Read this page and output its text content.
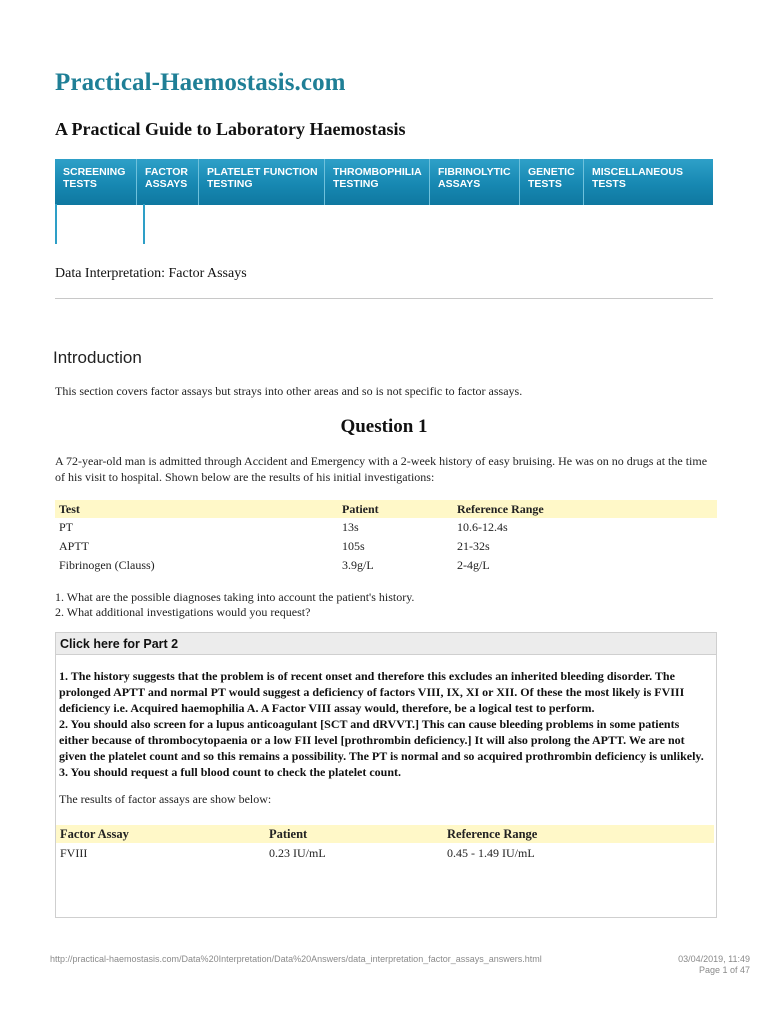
Practical-Haemostasis.com
A Practical Guide to Laboratory Haemostasis
SCREENING
TESTS
FACTOR
ASSAYS
PLATELET FUNCTION
TESTING
THROMBOPHILIA
TESTING
FIBRINOLYTIC
ASSAYS
GENETIC
TESTS
MISCELLANEOUS
TESTS
Data Interpretation: Factor Assays
Introduction
This section covers factor assays but strays into other areas and so is not specific to factor assays.
Question 1
A 72-year-old man is admitted through Accident and Emergency with a 2-week history of easy bruising. He was on no drugs at the time of his visit to hospital. Shown below are the results of his initial investigations:
Test	Patient	Reference Range
PT	13s	10.6-12.4s
APTT	105s	21-32s
Fibrinogen (Clauss)	3.9g/L	2-4g/L
1. What are the possible diagnoses taking into account the patient's history.
2. What additional investigations would you request?
Click here for Part 2

1. The history suggests that the problem is of recent onset and therefore this excludes an inherited bleeding disorder. The prolonged APTT and normal PT would suggest a deficiency of factors VIII, IX, XI or XII. Of these the most likely is FVIII deficiency i.e. Acquired haemophilia A. A Factor VIII assay would, therefore, be a logical test to perform.

2. You should also screen for a lupus anticoagulant [SCT and dRVVT.] This can cause bleeding problems in some patients either because of thrombocytopaenia or a low FII level [prothrombin deficiency.] It will also prolong the APTT. We are not given the platelet count and so this remains a possibility. The PT is normal and so acquired prothrombin deficiency is unlikely.

3. You should request a full blood count to check the platelet count.

The results of factor assays are show below:
Factor Assay	Patient	Reference Range
FVIII	0.23 IU/mL	0.45 - 1.49 IU/mL
http://practical-haemostasis.com/Data%20Interpretation/Data%20Answers/data_interpretation_factor_assays_answers.html	03/04/2019, 11:49
Page 1 of 47
